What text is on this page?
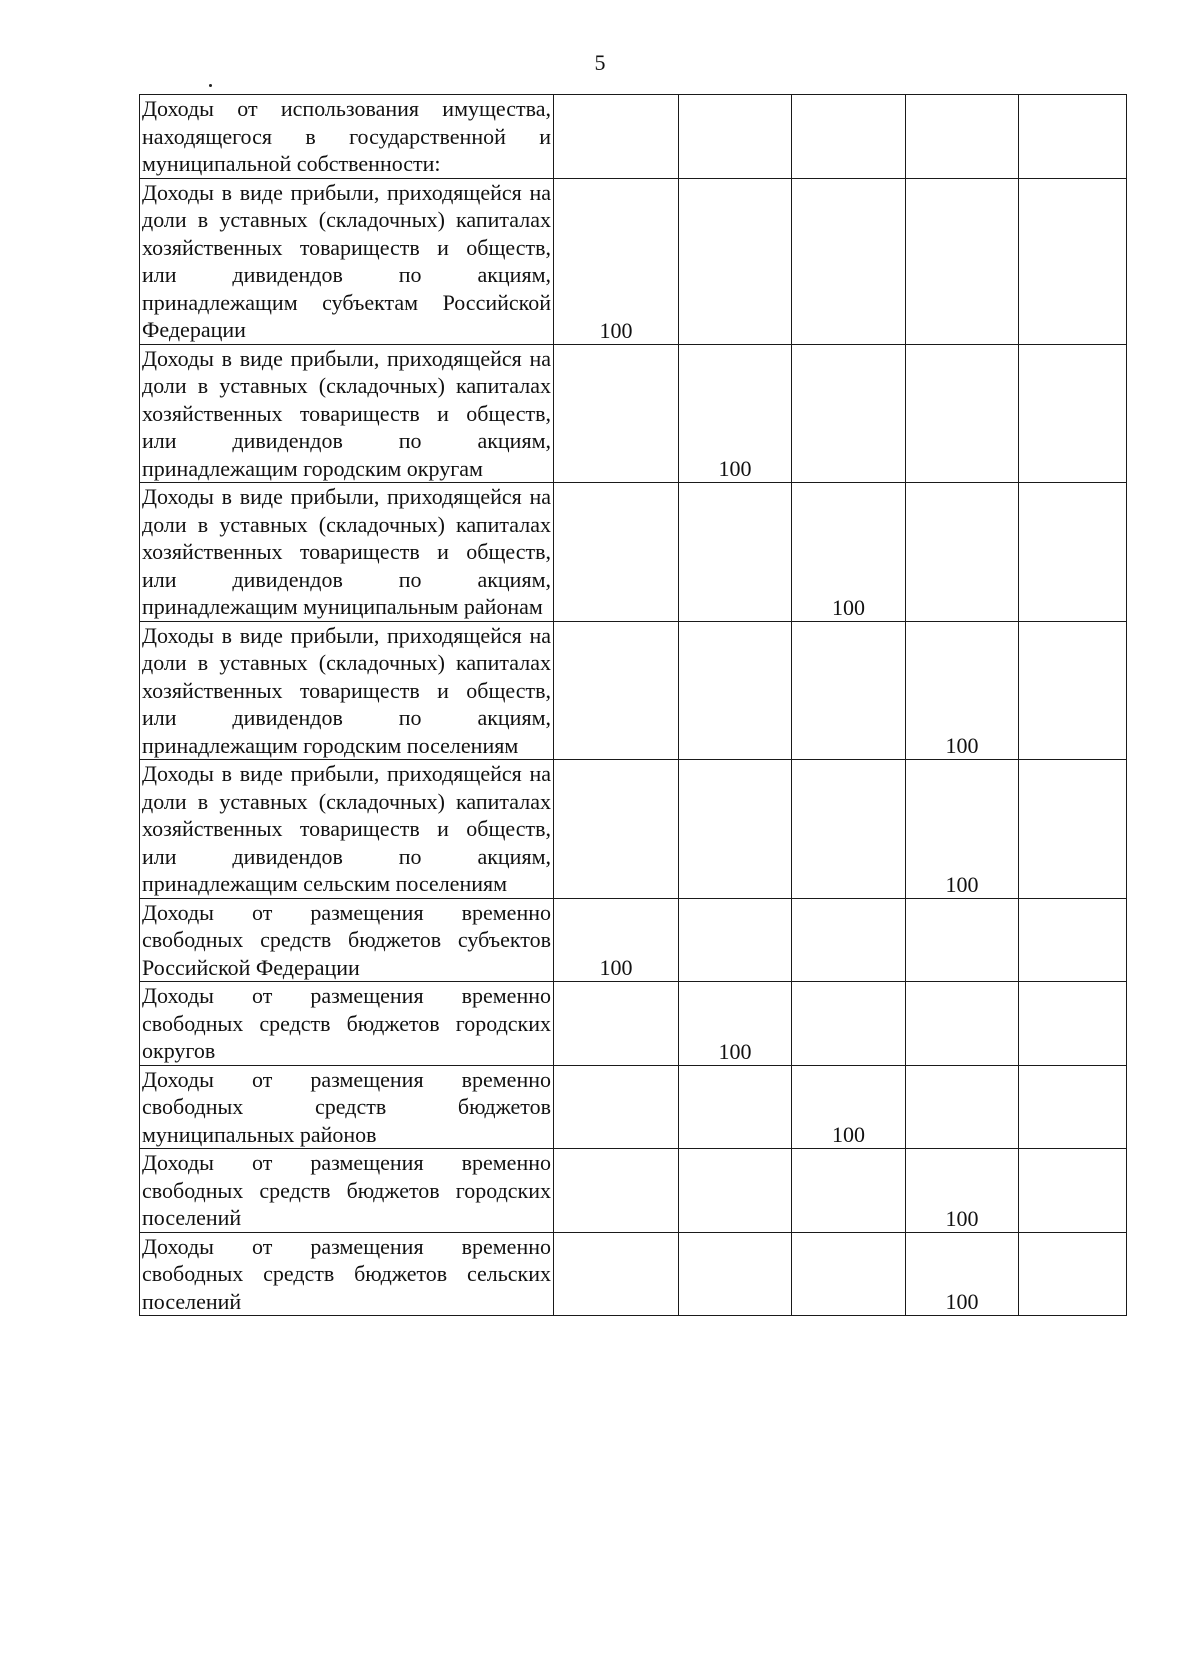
5
Доходы от использования имущества, находящегося в государственной и муниципальной собственности:					
Доходы в виде прибыли, приходящейся на доли в уставных (складочных) капиталах хозяйственных товариществ и обществ, или дивидендов по акциям, принадлежащим субъектам Российской Федерации	100				
Доходы в виде прибыли, приходящейся на доли в уставных (складочных) капиталах хозяйственных товариществ и обществ, или дивидендов по акциям, принадлежащим городским округам		100			
Доходы в виде прибыли, приходящейся на доли в уставных (складочных) капиталах хозяйственных товариществ и обществ, или дивидендов по акциям, принадлежащим муниципальным районам			100		
Доходы в виде прибыли, приходящейся на доли в уставных (складочных) капиталах хозяйственных товариществ и обществ, или дивидендов по акциям, принадлежащим городским поселениям				100	
Доходы в виде прибыли, приходящейся на доли в уставных (складочных) капиталах хозяйственных товариществ и обществ, или дивидендов по акциям, принадлежащим сельским поселениям				100	
Доходы от размещения временно свободных средств бюджетов субъектов Российской Федерации	100				
Доходы от размещения временно свободных средств бюджетов городских округов		100			
Доходы от размещения временно свободных средств бюджетов муниципальных районов			100		
Доходы от размещения временно свободных средств бюджетов городских поселений				100	
Доходы от размещения временно свободных средств бюджетов сельских поселений				100	
